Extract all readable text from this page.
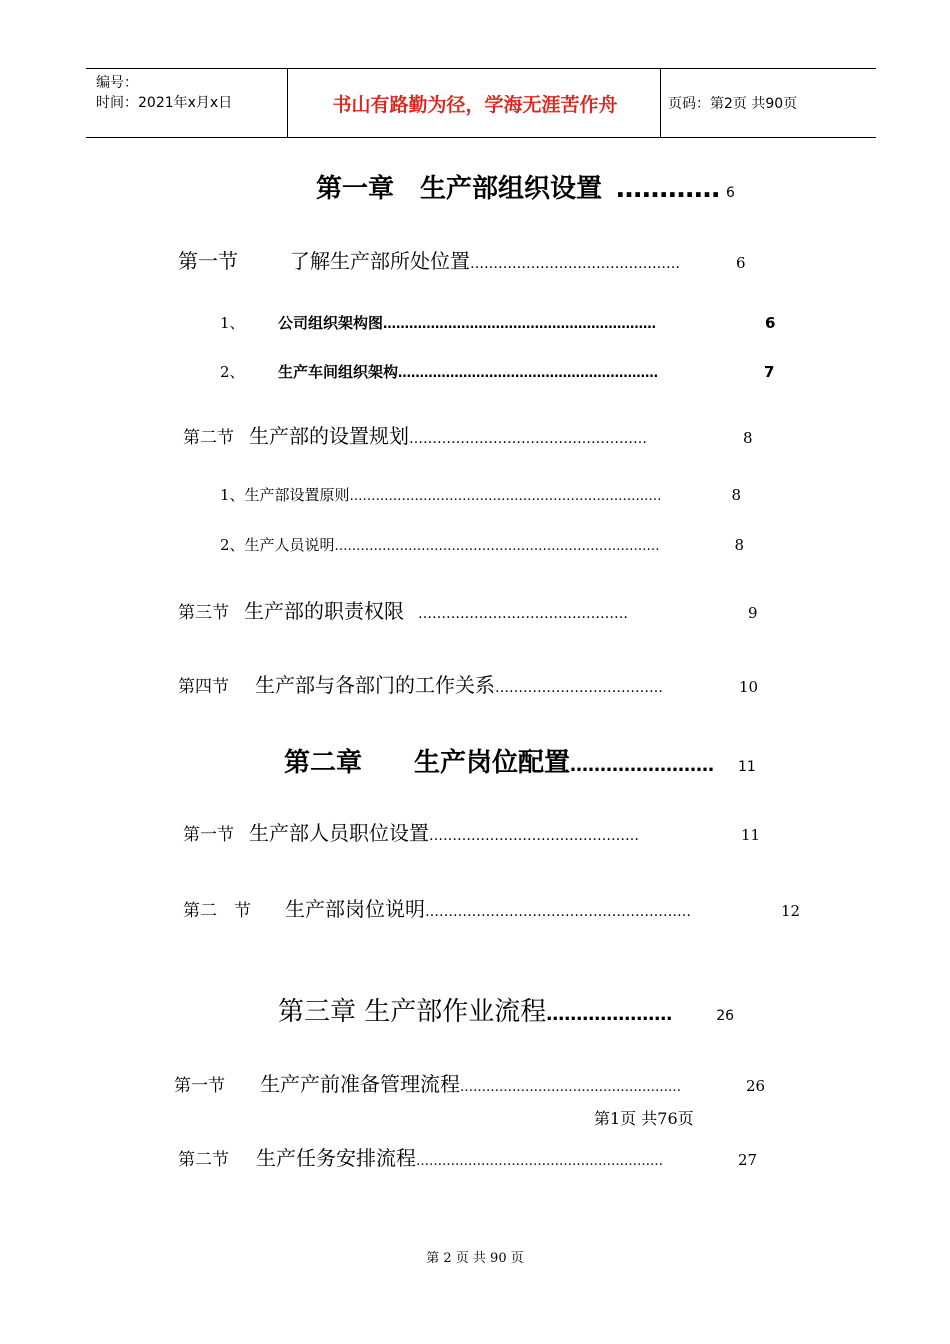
编号：
时间：2021年x月x日	书山有路勤为径，学海无涯苦作舟	页码：第2页 共90页
第一章　生产部组织设置 ………… 6
第一节	了解生产部所处位置 ………………………………………	6
1、	公司组织架构图 ………………………………………………………	6
2、	生产车间组织架构 ……………………………………………………	7
第二节 生产部的设置规划 ……………………………………………	8
1、生产部设置原则 ………………………………………………………………	8
2、生产人员说明 …………………………………………………………………	8
第三节 生产部的职责权限 ………………………………………	9
第四节	生产部与各部门的工作关系 ………………………………	10
第二章　　生产岗位配置 ……………………	11
第一节 生产部人员职位设置 ………………………………………	11
第二　节	生产部岗位说明 …………………………………………………	12
第三章 生产部作业流程 …………………	26
第一节	生产产前准备管理流程 ……………………………………………	26
第1页 共76页
第二节	生产任务安排流程 …………………………………………………	27
第 2 页 共 90 页
